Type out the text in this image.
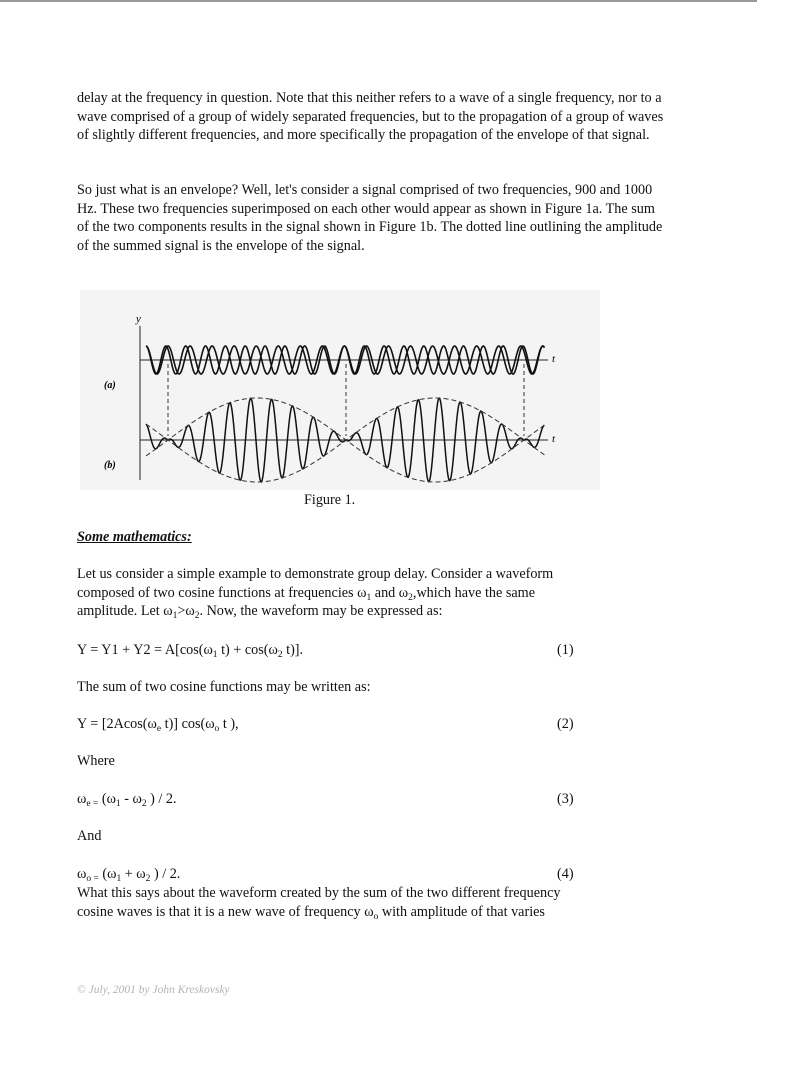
delay at the frequency in question. Note that this neither refers to a wave of a single frequency, nor to a wave comprised of a group of widely separated frequencies, but to the propagation of a group of waves of slightly different frequencies, and more specifically the propagation of the envelope of that signal.

So just what is an envelope? Well, let's consider a signal comprised of two frequencies, 900 and 1000 Hz. These two frequencies superimposed on each other would appear as shown in Figure 1a. The sum of the two components results in the signal shown in Figure 1b. The dotted line outlining the amplitude of the summed signal is the envelope of the signal.

y
t
t
(a)
(b)
Figure 1.

Some mathematics:

Let us consider a simple example to demonstrate group delay. Consider a waveform
composed of two cosine functions at frequencies $\omega_1$ and $\omega_2,which$ have the same
amplitude. Let $\omega_1>\omega_2$. Now, the waveform may be expressed as:
$Y = Y1 + Y2 = A[\cos(\omega_1$ $t) + \cos(\omega_2$ t)].	(1)
The sum of two cosine functions may be written as:
$Y = [2Acos(\omega_e$ t)] $\cos(\omega_o$ t ),	(2)
Where
$\omega_{e =}$ ($\omega_1 - \omega_2$ ) / 2.	(3)
And
$\omega_{o =}$ ($\omega_1 + \omega_2$ ) / 2.	(4)
What this says about the waveform created by the sum of the two different frequency
cosine waves is that it is a new wave of frequency $\omega_o$ with amplitude of that varies
© July, 2001 by John Kreskovsky
